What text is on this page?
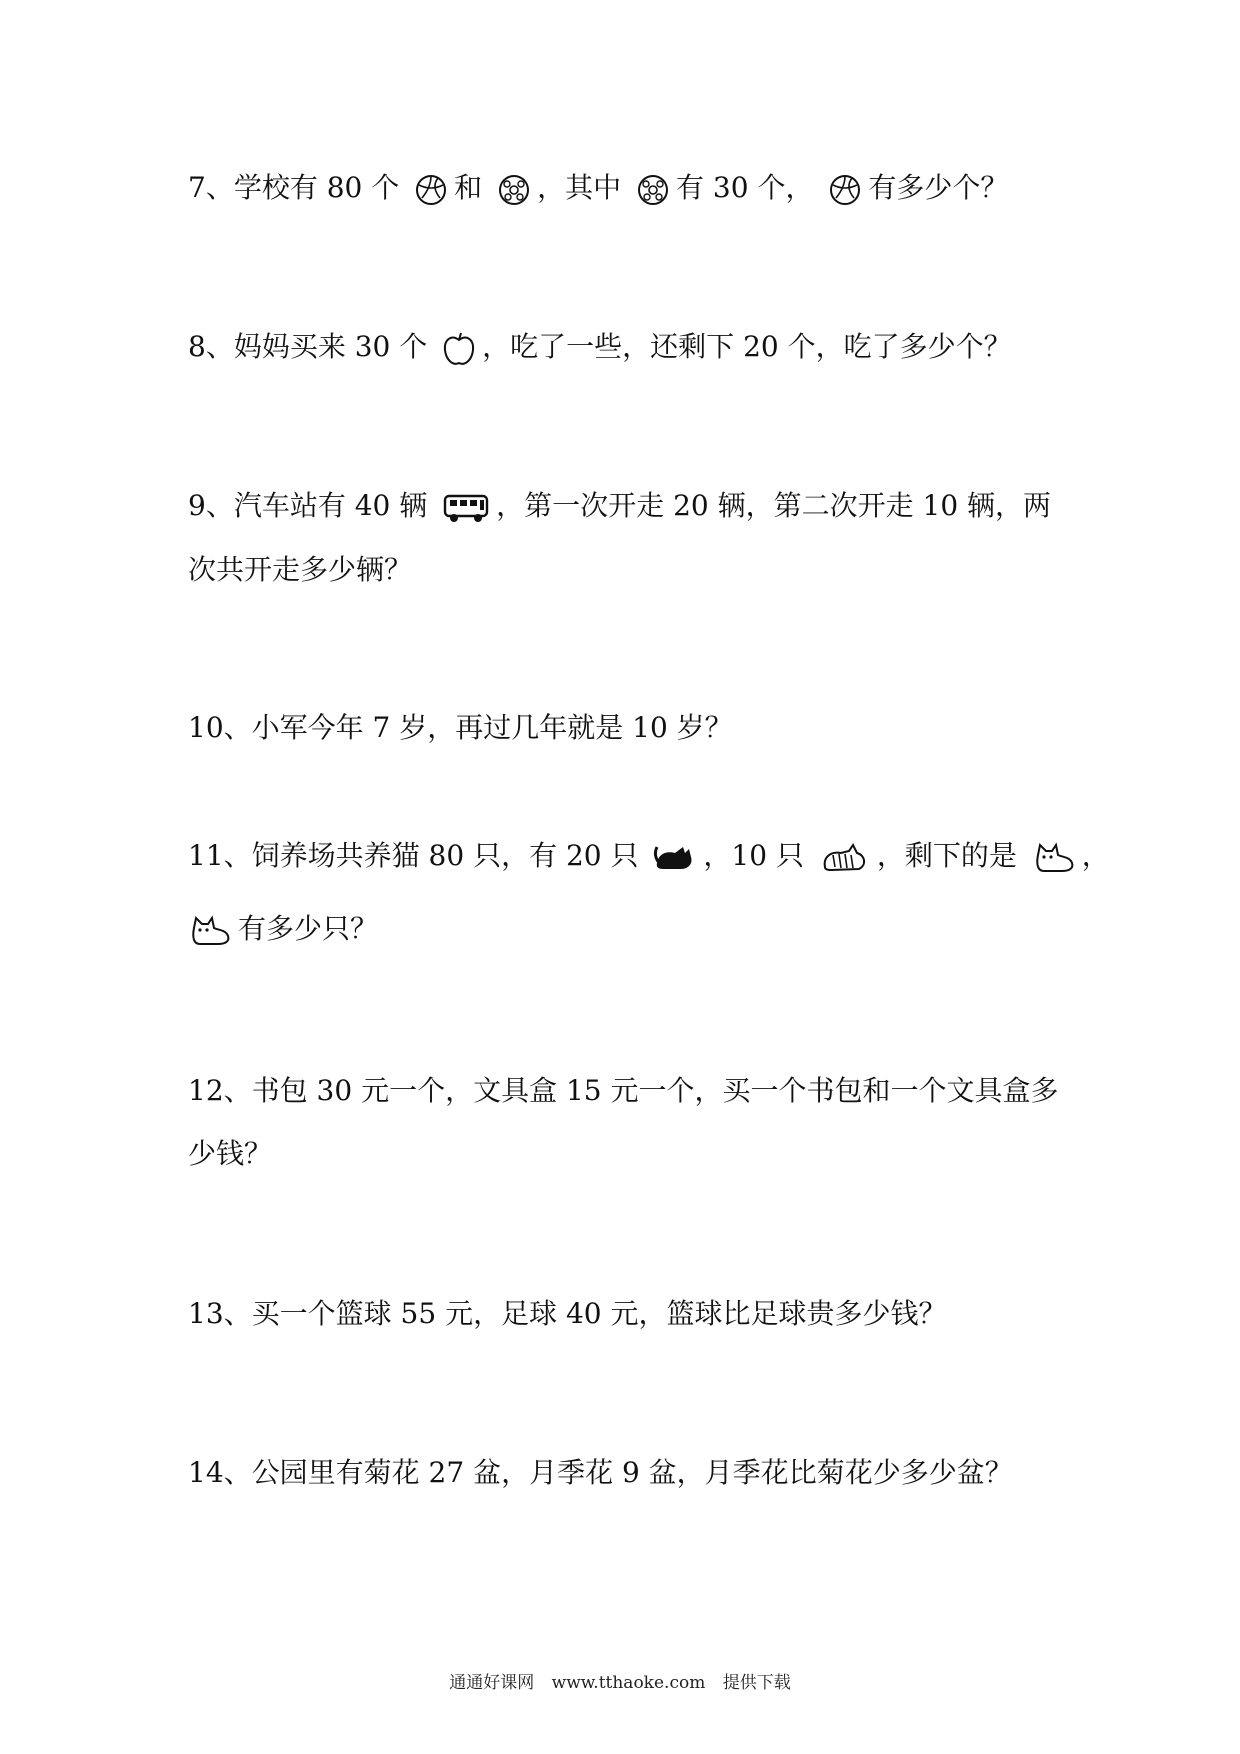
7、学校有 80 个 和 ，其中 有 30 个， 有多少个？
8、妈妈买来 30 个 ，吃了一些，还剩下 20 个，吃了多少个？
9、汽车站有 40 辆 ，第一次开走 20 辆，第二次开走 10 辆，两
次共开走多少辆？
10、小军今年 7 岁，再过几年就是 10 岁？
11、饲养场共养猫 80 只，有 20 只 ，10 只	，剩下的是 ，
有多少只？
12、书包 30 元一个，文具盒 15 元一个，买一个书包和一个文具盒多
少钱？
13、买一个篮球 55 元，足球 40 元，篮球比足球贵多少钱？
14、公园里有菊花 27 盆，月季花 9 盆，月季花比菊花少多少盆？
通通好课网 www.tthaoke.com 提供下载
